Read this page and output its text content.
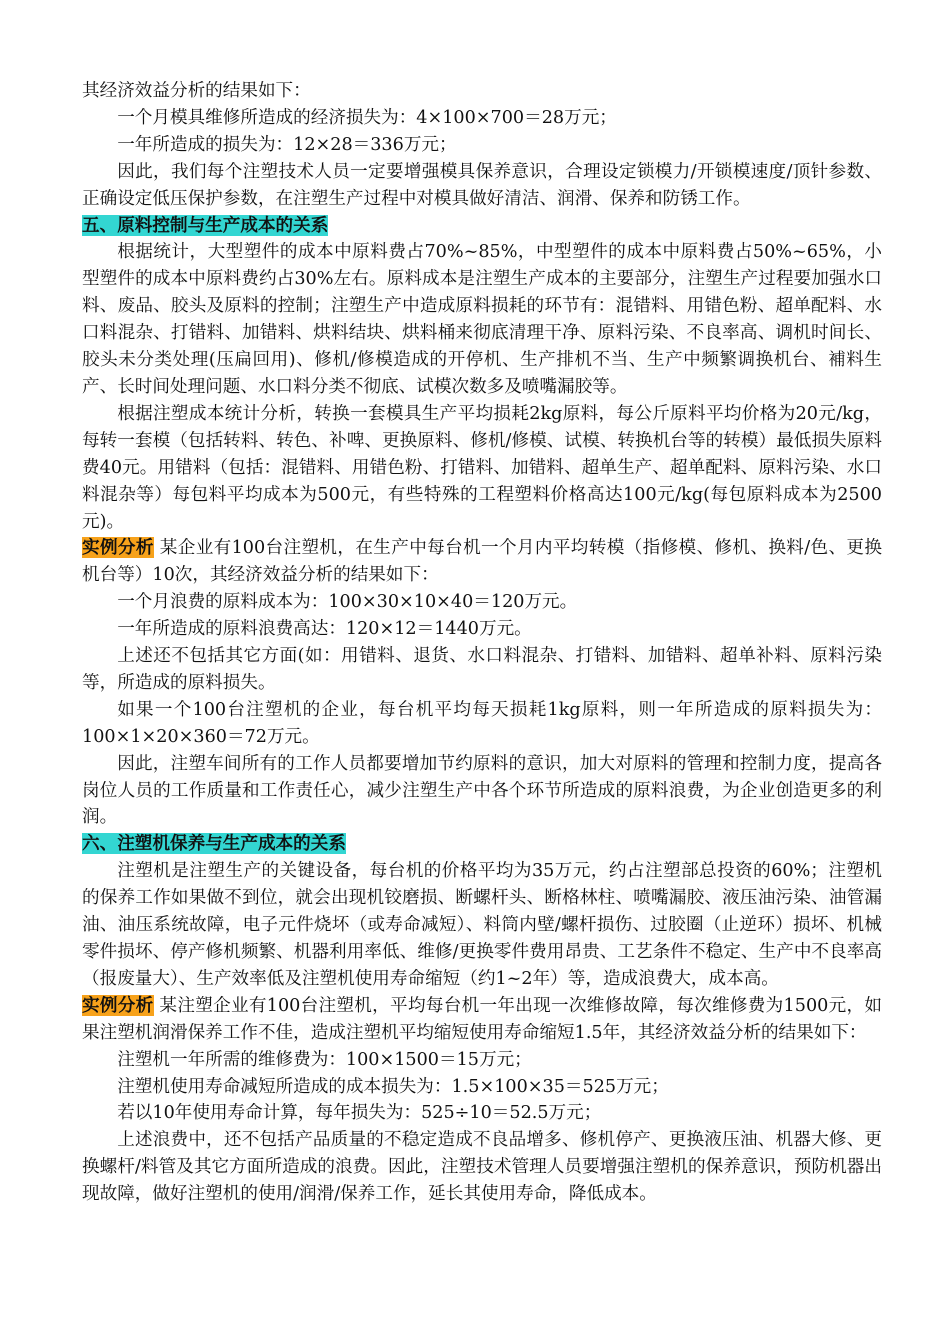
其经济效益分析的结果如下：

一个月模具维修所造成的经济损失为：4×100×700＝28万元；

一年所造成的损失为：12×28＝336万元；

因此，我们每个注塑技术人员一定要增强模具保养意识，合理设定锁模力/开锁模速度/顶针参数、正确设定低压保护参数，在注塑生产过程中对模具做好清洁、润滑、保养和防锈工作。

五、原料控制与生产成本的关系

根据统计，大型塑件的成本中原料费占70%~85%，中型塑件的成本中原料费占50%~65%，小型塑件的成本中原料费约占30%左右。原料成本是注塑生产成本的主要部分，注塑生产过程要加强水口料、废品、胶头及原料的控制；注塑生产中造成原料损耗的环节有：混错料、用错色粉、超单配料、水口料混杂、打错料、加错料、烘料结块、烘料桶来彻底清理干净、原料污染、不良率高、调机时间长、胶头未分类处理(压扁回用)、修机/修模造成的开停机、生产排机不当、生产中频繁调换机台、補料生产、长时间处理问题、水口料分类不彻底、试模次数多及喷嘴漏胶等。

根据注塑成本统计分析，转换一套模具生产平均损耗2kg原料，每公斤原料平均价格为20元/kg，每转一套模（包括转料、转色、补啤、更换原料、修机/修模、试模、转换机台等的转模）最低损失原料费40元。用错料（包括：混错料、用错色粉、打错料、加错料、超单生产、超单配料、原料污染、水口料混杂等）每包料平均成本为500元，有些特殊的工程塑料价格高达100元/kg(每包原料成本为2500元)。

实例分析 某企业有100台注塑机，在生产中每台机一个月内平均转模（指修模、修机、换料/色、更换机台等）10次，其经济效益分析的结果如下：

一个月浪费的原料成本为：100×30×10×40＝120万元。

一年所造成的原料浪费高达：120×12＝1440万元。

上述还不包括其它方面(如：用错料、退货、水口料混杂、打错料、加错料、超单补料、原料污染等，所造成的原料损失。

如果一个100台注塑机的企业，每台机平均每天损耗1kg原料，则一年所造成的原料损失为：100×1×20×360＝72万元。

因此，注塑车间所有的工作人员都要增加节约原料的意识，加大对原料的管理和控制力度，提高各岗位人员的工作质量和工作责任心，减少注塑生产中各个环节所造成的原料浪费，为企业创造更多的利润。

六、注塑机保养与生产成本的关系

注塑机是注塑生产的关键设备，每台机的价格平均为35万元，约占注塑部总投资的60%；注塑机的保养工作如果做不到位，就会出现机铰磨损、断螺杆头、断格林柱、喷嘴漏胶、液压油污染、油管漏油、油压系统故障，电子元件烧坏（或寿命减短）、料筒内壁/螺杆损伤、过胶圈（止逆环）损坏、机械零件损坏、停产修机频繁、机器利用率低、维修/更换零件费用昂贵、工艺条件不稳定、生产中不良率高（报废量大）、生产效率低及注塑机使用寿命缩短（约1~2年）等，造成浪费大，成本高。

实例分析 某注塑企业有100台注塑机，平均每台机一年出现一次维修故障，每次维修费为1500元，如果注塑机润滑保养工作不佳，造成注塑机平均缩短使用寿命缩短1.5年，其经济效益分析的结果如下：

注塑机一年所需的维修费为：100×1500＝15万元；

注塑机使用寿命减短所造成的成本损失为：1.5×100×35＝525万元；

若以10年使用寿命计算，每年损失为：525÷10＝52.5万元；

上述浪费中，还不包括产品质量的不稳定造成不良品增多、修机停产、更换液压油、机器大修、更换螺杆/料管及其它方面所造成的浪费。因此，注塑技术管理人员要增强注塑机的保养意识，预防机器出现故障，做好注塑机的使用/润滑/保养工作，延长其使用寿命，降低成本。
